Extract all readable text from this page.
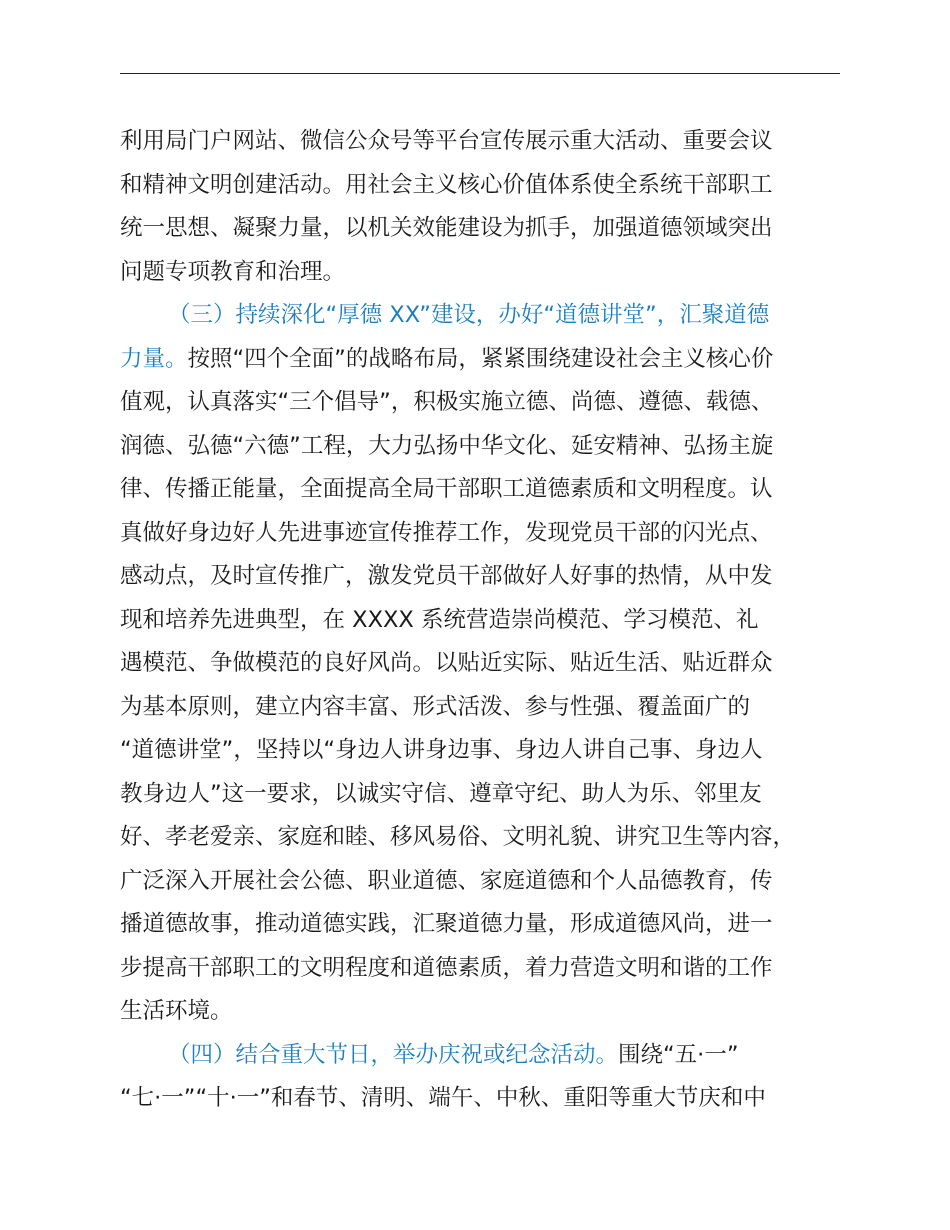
利用局门户网站、微信公众号等平台宣传展示重大活动、重要会议
和精神文明创建活动。用社会主义核心价值体系使全系统干部职工
统一思想、凝聚力量，以机关效能建设为抓手，加强道德领域突出
问题专项教育和治理。
（三）持续深化“厚德 XX”建设，办好“道德讲堂”，汇聚道德
力量。按照“四个全面”的战略布局，紧紧围绕建设社会主义核心价
值观，认真落实“三个倡导”，积极实施立德、尚德、遵德、载德、
润德、弘德“六德”工程，大力弘扬中华文化、延安精神、弘扬主旋
律、传播正能量，全面提高全局干部职工道德素质和文明程度。认
真做好身边好人先进事迹宣传推荐工作，发现党员干部的闪光点、
感动点，及时宣传推广，激发党员干部做好人好事的热情，从中发
现和培养先进典型，在 XXXX 系统营造崇尚模范、学习模范、礼
遇模范、争做模范的良好风尚。以贴近实际、贴近生活、贴近群众
为基本原则，建立内容丰富、形式活泼、参与性强、覆盖面广的
“道德讲堂”，坚持以“身边人讲身边事、身边人讲自己事、身边人
教身边人”这一要求，以诚实守信、遵章守纪、助人为乐、邻里友
好、孝老爱亲、家庭和睦、移风易俗、文明礼貌、讲究卫生等内容，
广泛深入开展社会公德、职业道德、家庭道德和个人品德教育，传
播道德故事，推动道德实践，汇聚道德力量，形成道德风尚，进一
步提高干部职工的文明程度和道德素质，着力营造文明和谐的工作
生活环境。
（四）结合重大节日，举办庆祝或纪念活动。围绕“五·一”
“七·一”“十·一”和春节、清明、端午、中秋、重阳等重大节庆和中
